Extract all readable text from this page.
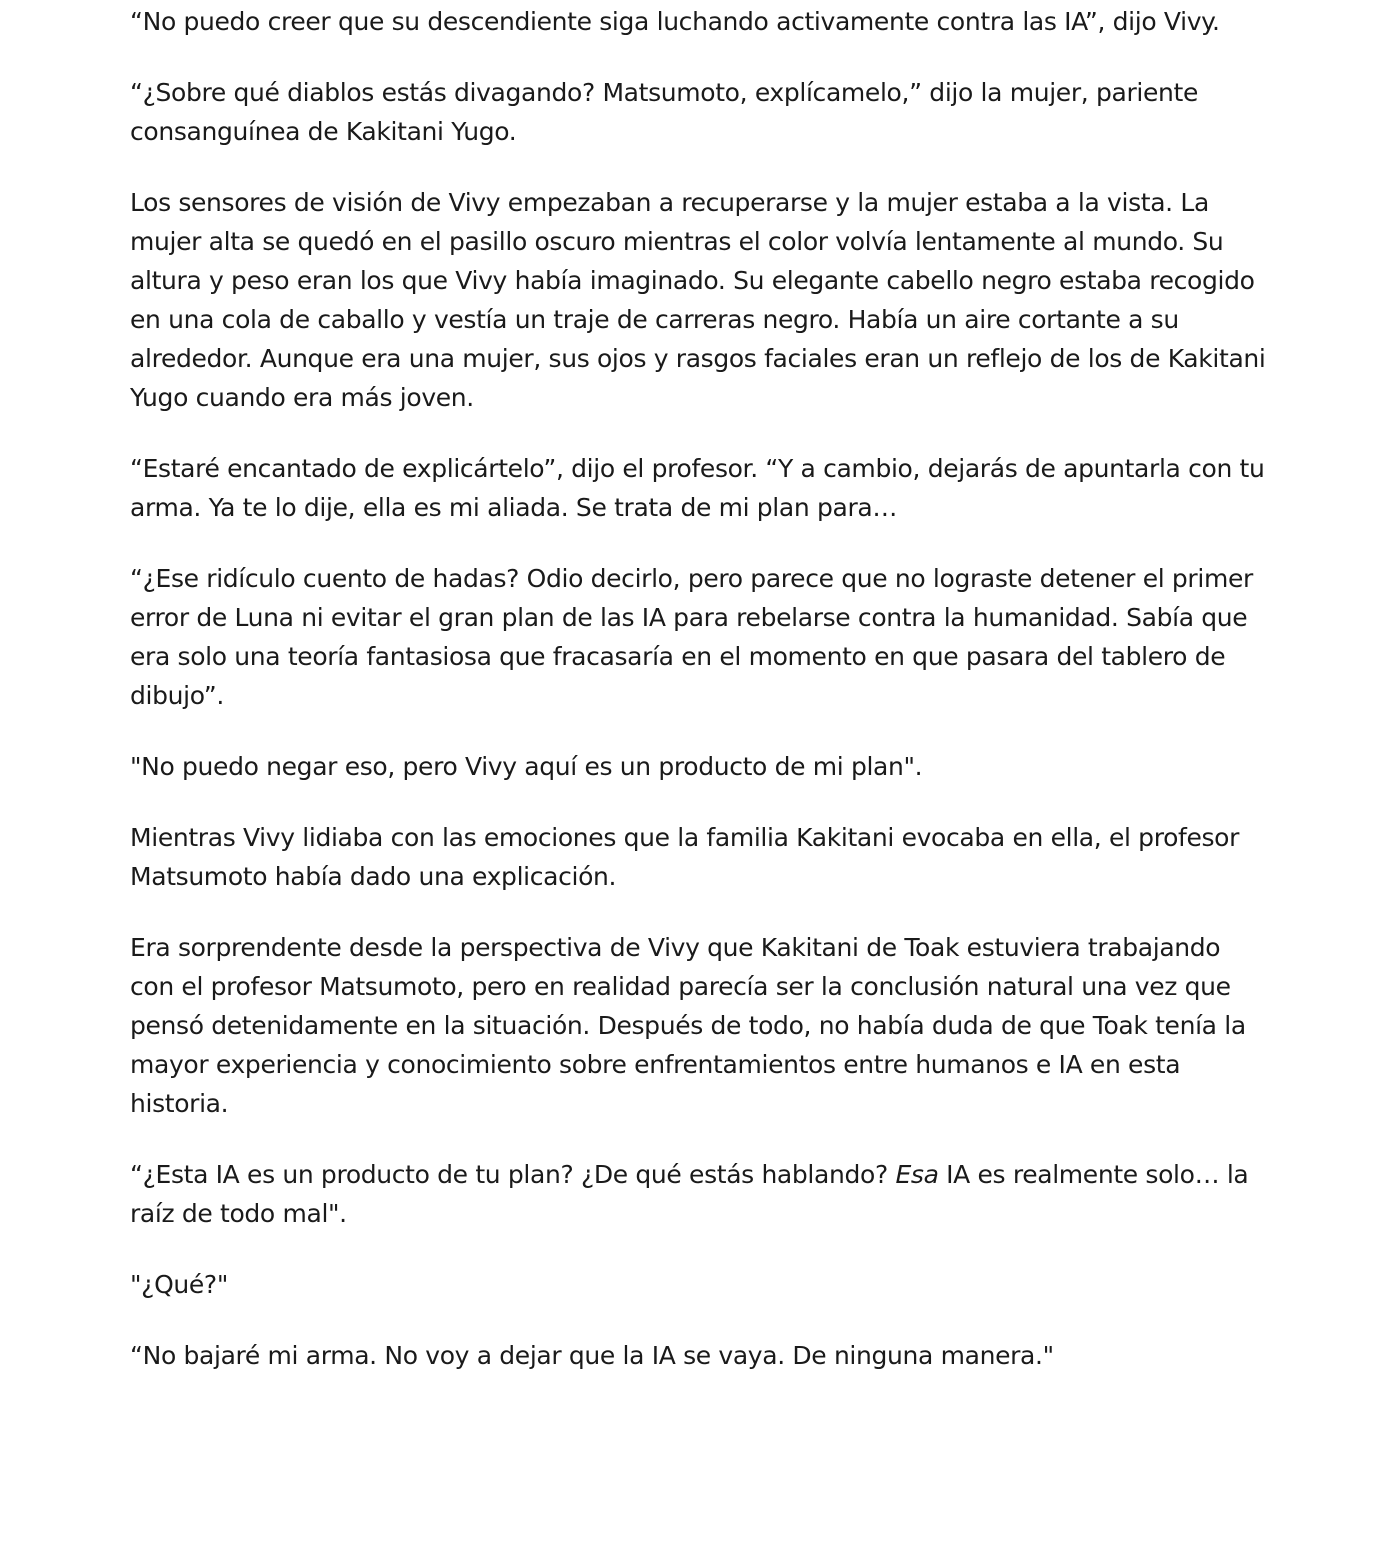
“No puedo creer que su descendiente siga luchando activamente contra las IA”, dijo Vivy.

“¿Sobre qué diablos estás divagando? Matsumoto, explícamelo,” dijo la mujer, pariente consanguínea de Kakitani Yugo.

Los sensores de visión de Vivy empezaban a recuperarse y la mujer estaba a la vista. La mujer alta se quedó en el pasillo oscuro mientras el color volvía lentamente al mundo. Su altura y peso eran los que Vivy había imaginado. Su elegante cabello negro estaba recogido en una cola de caballo y vestía un traje de carreras negro. Había un aire cortante a su alrededor. Aunque era una mujer, sus ojos y rasgos faciales eran un reflejo de los de Kakitani Yugo cuando era más joven.

“Estaré encantado de explicártelo”, dijo el profesor. “Y a cambio, dejarás de apuntarla con tu arma. Ya te lo dije, ella es mi aliada. Se trata de mi plan para…

“¿Ese ridículo cuento de hadas? Odio decirlo, pero parece que no lograste detener el primer error de Luna ni evitar el gran plan de las IA para rebelarse contra la humanidad. Sabía que era solo una teoría fantasiosa que fracasaría en el momento en que pasara del tablero de dibujo”.

"No puedo negar eso, pero Vivy aquí es un producto de mi plan".

Mientras Vivy lidiaba con las emociones que la familia Kakitani evocaba en ella, el profesor Matsumoto había dado una explicación.

Era sorprendente desde la perspectiva de Vivy que Kakitani de Toak estuviera trabajando con el profesor Matsumoto, pero en realidad parecía ser la conclusión natural una vez que pensó detenidamente en la situación. Después de todo, no había duda de que Toak tenía la mayor experiencia y conocimiento sobre enfrentamientos entre humanos e IA en esta historia.

“¿Esta IA es un producto de tu plan? ¿De qué estás hablando? Esa IA es realmente solo… la raíz de todo mal".

"¿Qué?"

“No bajaré mi arma. No voy a dejar que la IA se vaya. De ninguna manera."
